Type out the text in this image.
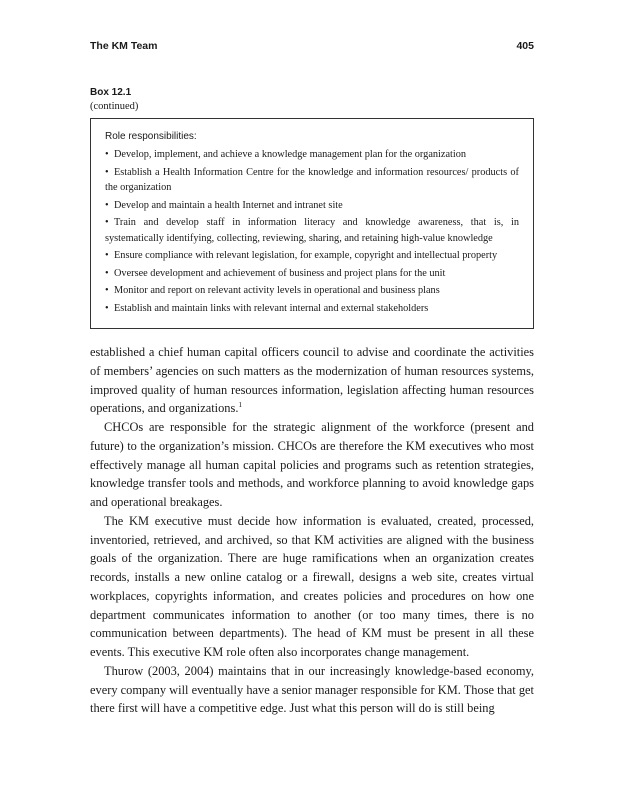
The KM Team	405
Box 12.1
(continued)
Role responsibilities:
• Develop, implement, and achieve a knowledge management plan for the organization
• Establish a Health Information Centre for the knowledge and information resources/ products of the organization
• Develop and maintain a health Internet and intranet site
• Train and develop staff in information literacy and knowledge awareness, that is, in systematically identifying, collecting, reviewing, sharing, and retaining high-value knowledge
• Ensure compliance with relevant legislation, for example, copyright and intellectual property
• Oversee development and achievement of business and project plans for the unit
• Monitor and report on relevant activity levels in operational and business plans
• Establish and maintain links with relevant internal and external stakeholders

established a chief human capital officers council to advise and coordinate the activities of members’ agencies on such matters as the modernization of human resources systems, improved quality of human resources information, legislation affecting human resources operations, and organizations.$^1$

CHCOs are responsible for the strategic alignment of the workforce (present and future) to the organization’s mission. CHCOs are therefore the KM executives who most effectively manage all human capital policies and programs such as retention strategies, knowledge transfer tools and methods, and workforce planning to avoid knowledge gaps and operational breakages.

The KM executive must decide how information is evaluated, created, processed, inventoried, retrieved, and archived, so that KM activities are aligned with the business goals of the organization. There are huge ramifications when an organization creates records, installs a new online catalog or a firewall, designs a web site, creates virtual workplaces, copyrights information, and creates policies and procedures on how one department communicates information to another (or too many times, there is no communication between departments). The head of KM must be present in all these events. This executive KM role often also incorporates change management.

Thurow (2003, 2004) maintains that in our increasingly knowledge-based economy, every company will eventually have a senior manager responsible for KM. Those that get there first will have a competitive edge. Just what this person will do is still being
